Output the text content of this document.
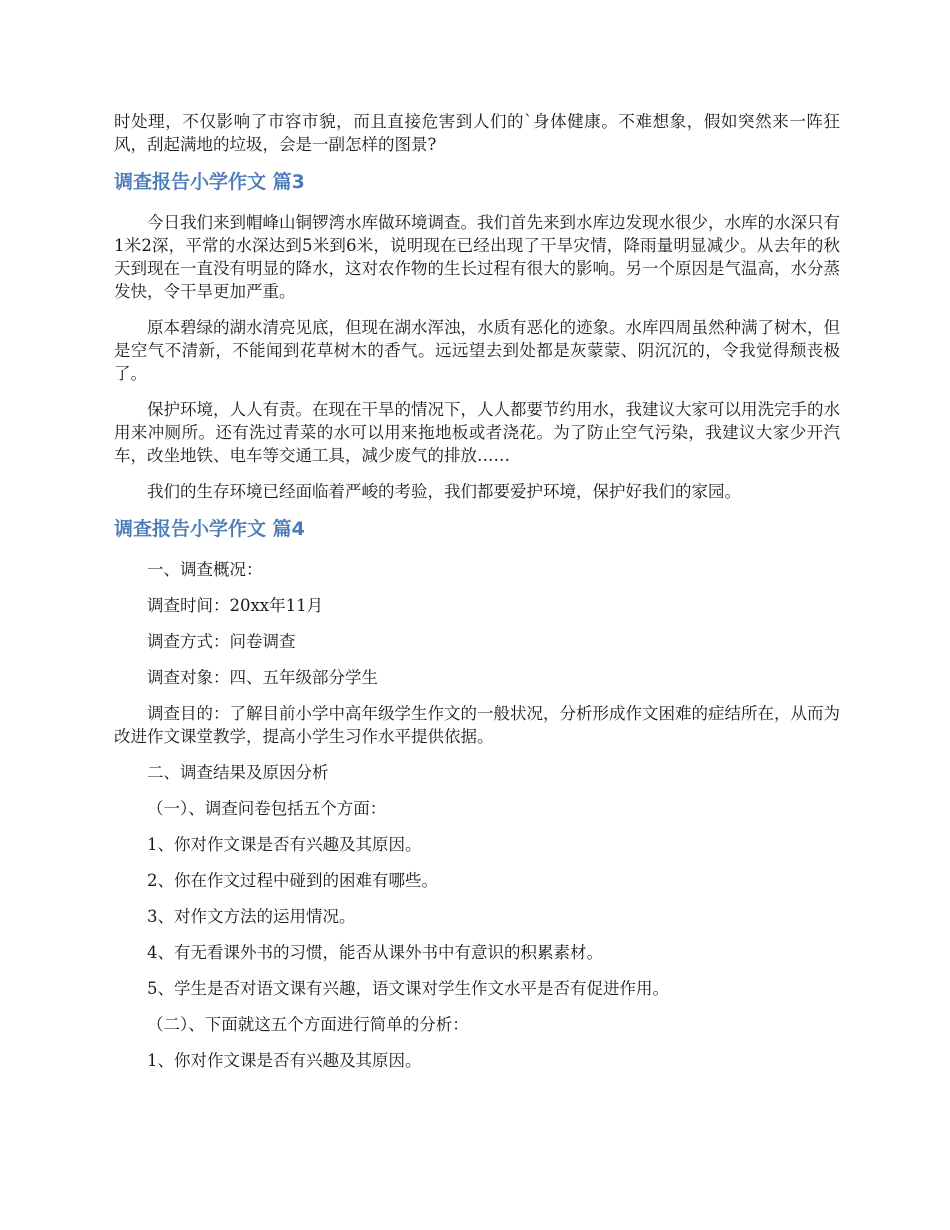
时处理，不仅影响了市容市貌，而且直接危害到人们的`身体健康。不难想象，假如突然来一阵狂风，刮起满地的垃圾，会是一副怎样的图景?

调查报告小学作文 篇3

今日我们来到帽峰山铜锣湾水库做环境调查。我们首先来到水库边发现水很少，水库的水深只有1米2深，平常的水深达到5米到6米，说明现在已经出现了干旱灾情，降雨量明显减少。从去年的秋天到现在一直没有明显的降水，这对农作物的生长过程有很大的影响。另一个原因是气温高，水分蒸发快，令干旱更加严重。

原本碧绿的湖水清亮见底，但现在湖水浑浊，水质有恶化的迹象。水库四周虽然种满了树木，但是空气不清新，不能闻到花草树木的香气。远远望去到处都是灰蒙蒙、阴沉沉的，令我觉得颓丧极了。

保护环境，人人有责。在现在干旱的情况下，人人都要节约用水，我建议大家可以用洗完手的水用来冲厕所。还有洗过青菜的水可以用来拖地板或者浇花。为了防止空气污染，我建议大家少开汽车，改坐地铁、电车等交通工具，减少废气的排放……

我们的生存环境已经面临着严峻的考验，我们都要爱护环境，保护好我们的家园。

调查报告小学作文 篇4

一、调查概况：

调查时间：20xx年11月

调查方式：问卷调查

调查对象：四、五年级部分学生

调查目的：了解目前小学中高年级学生作文的一般状况，分析形成作文困难的症结所在，从而为改进作文课堂教学，提高小学生习作水平提供依据。

二、调查结果及原因分析

（一）、调查问卷包括五个方面：

1、你对作文课是否有兴趣及其原因。

2、你在作文过程中碰到的困难有哪些。

3、对作文方法的运用情况。

4、有无看课外书的习惯，能否从课外书中有意识的积累素材。

5、学生是否对语文课有兴趣，语文课对学生作文水平是否有促进作用。

（二）、下面就这五个方面进行简单的分析：

1、你对作文课是否有兴趣及其原因。
